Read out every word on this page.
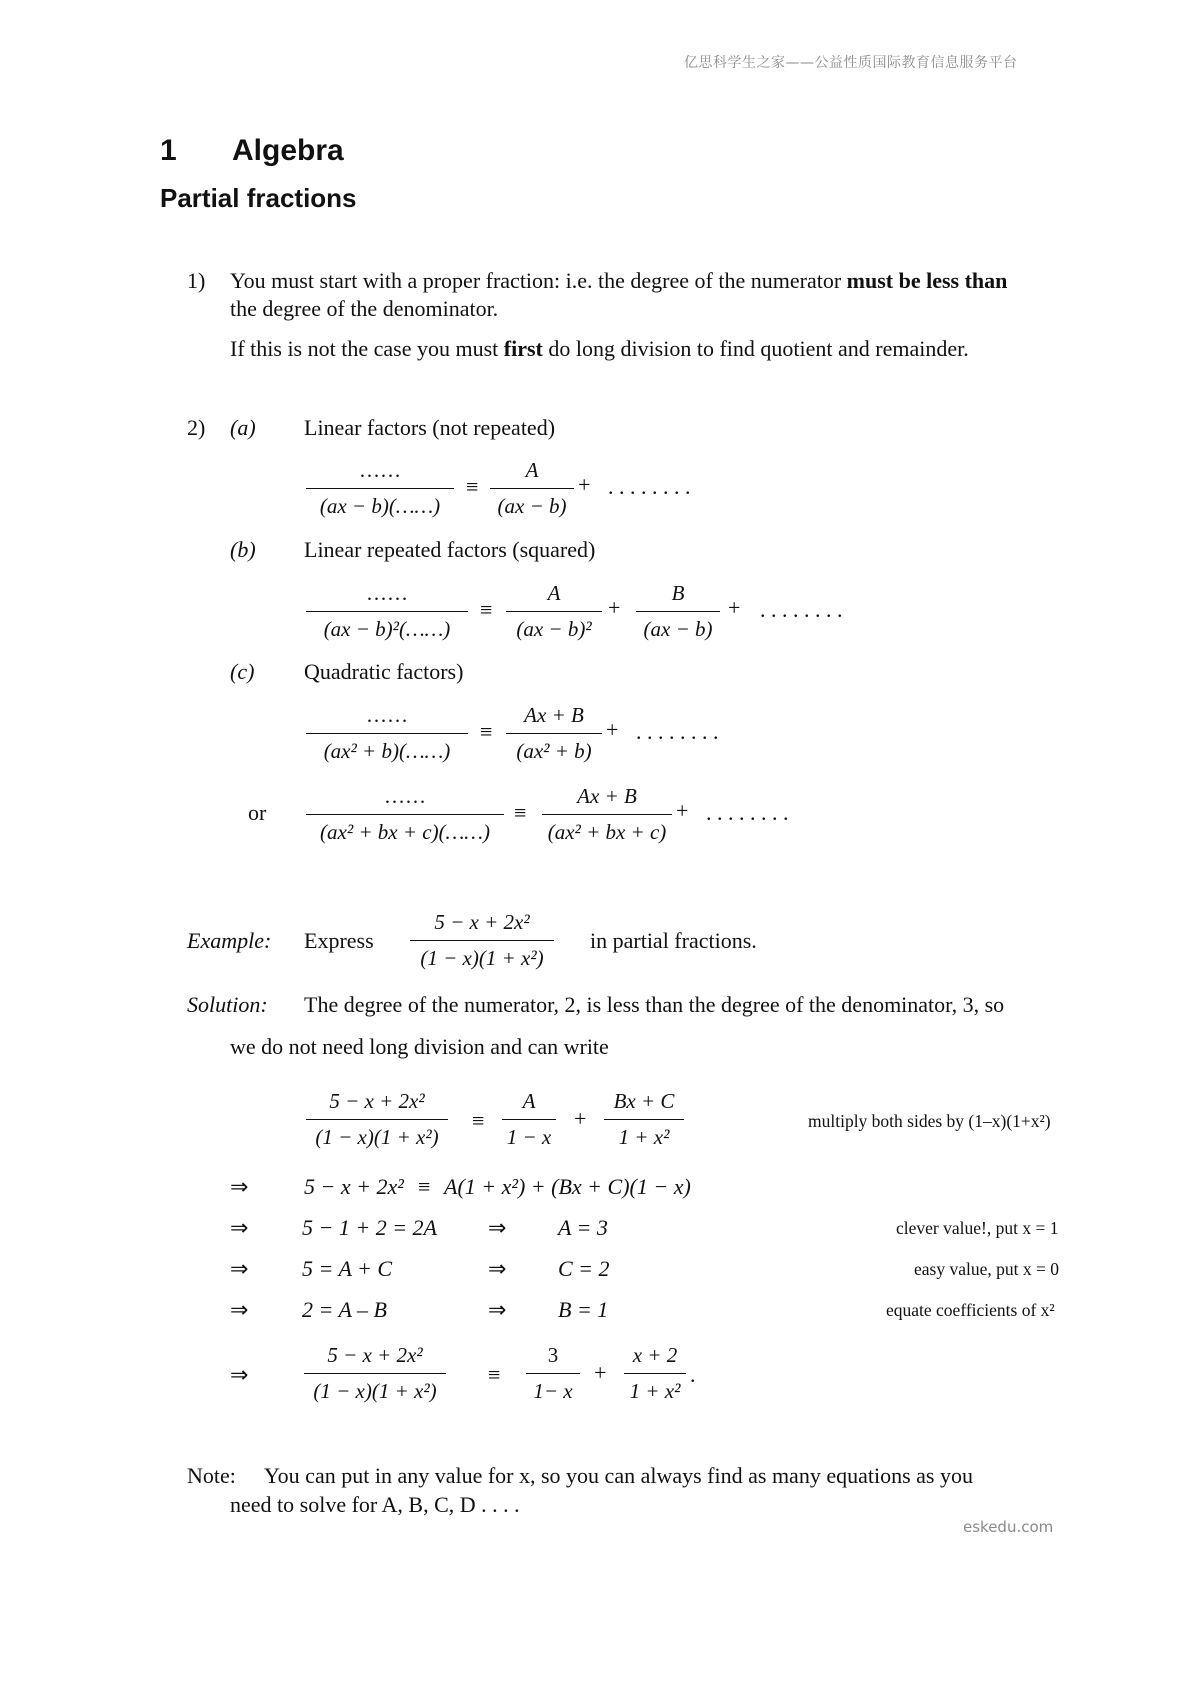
亿思科学生之家——公益性质国际教育信息服务平台
eskedu.com
1 Algebra
Partial fractions
1) You must start with a proper fraction: i.e. the degree of the numerator must be less than
the degree of the denominator.
If this is not the case you must first do long division to find quotient and remainder.
2) (a) Linear factors (not repeated)
……
(ax − b)(……)
≡ $\frac{A}{(ax - b)}$ + . . . . . . . .
(b) Linear repeated factors (squared)
……
(ax − b)²(……)
≡ $\frac{A}{\text{(ax − b)²}} + \frac{B}{(ax - b)}$ + . . . . . . . .
(c) Quadratic factors)
……
(ax² + b)(……)
≡ $\frac{Ax + B}{\text{(ax² + b)}}$ + . . . . . . . .
or
……
(ax² + bx + c)(……)
≡ $\frac{Ax + B}{\text{(ax² + bx + c)}}$ + . . . . . . . .
Example: Express $\frac{\text{5 − x + 2x²}}{\text{(1 − x)(1 + x²)}}$ in partial fractions.
Solution: The degree of the numerator, 2, is less than the degree of the denominator, 3, so
we do not need long division and can write
$\frac{\text{5 − x + 2x²}}{\text{(1 − x)(1 + x²)}} \equiv \frac{A}{1 - x} + \frac{Bx + C}{\text{1 + x²}}$	multiply both sides by (1–x)(1+x²)
⇒	5 − x + 2x² ≡ A(1 + x²) + (Bx + C)(1 − x)
⇒ 5 − 1 + 2 = 2A ⇒ A = 3	clever value!, put x = 1
⇒ 5 = A + C	⇒ C = 2	easy value, put x = 0
⇒ 2 = A – B	⇒ B = 1	equate coefficients of x²
⇒	$\frac{\text{5 − x + 2x²}}{\text{(1 − x)(1 + x²)}} \equiv \frac{3}{1- x} + \frac{x + 2}{\text{1 + x²}}$ .
Note: You can put in any value for x, so you can always find as many equations as you
need to solve for A, B, C, D . . . .
